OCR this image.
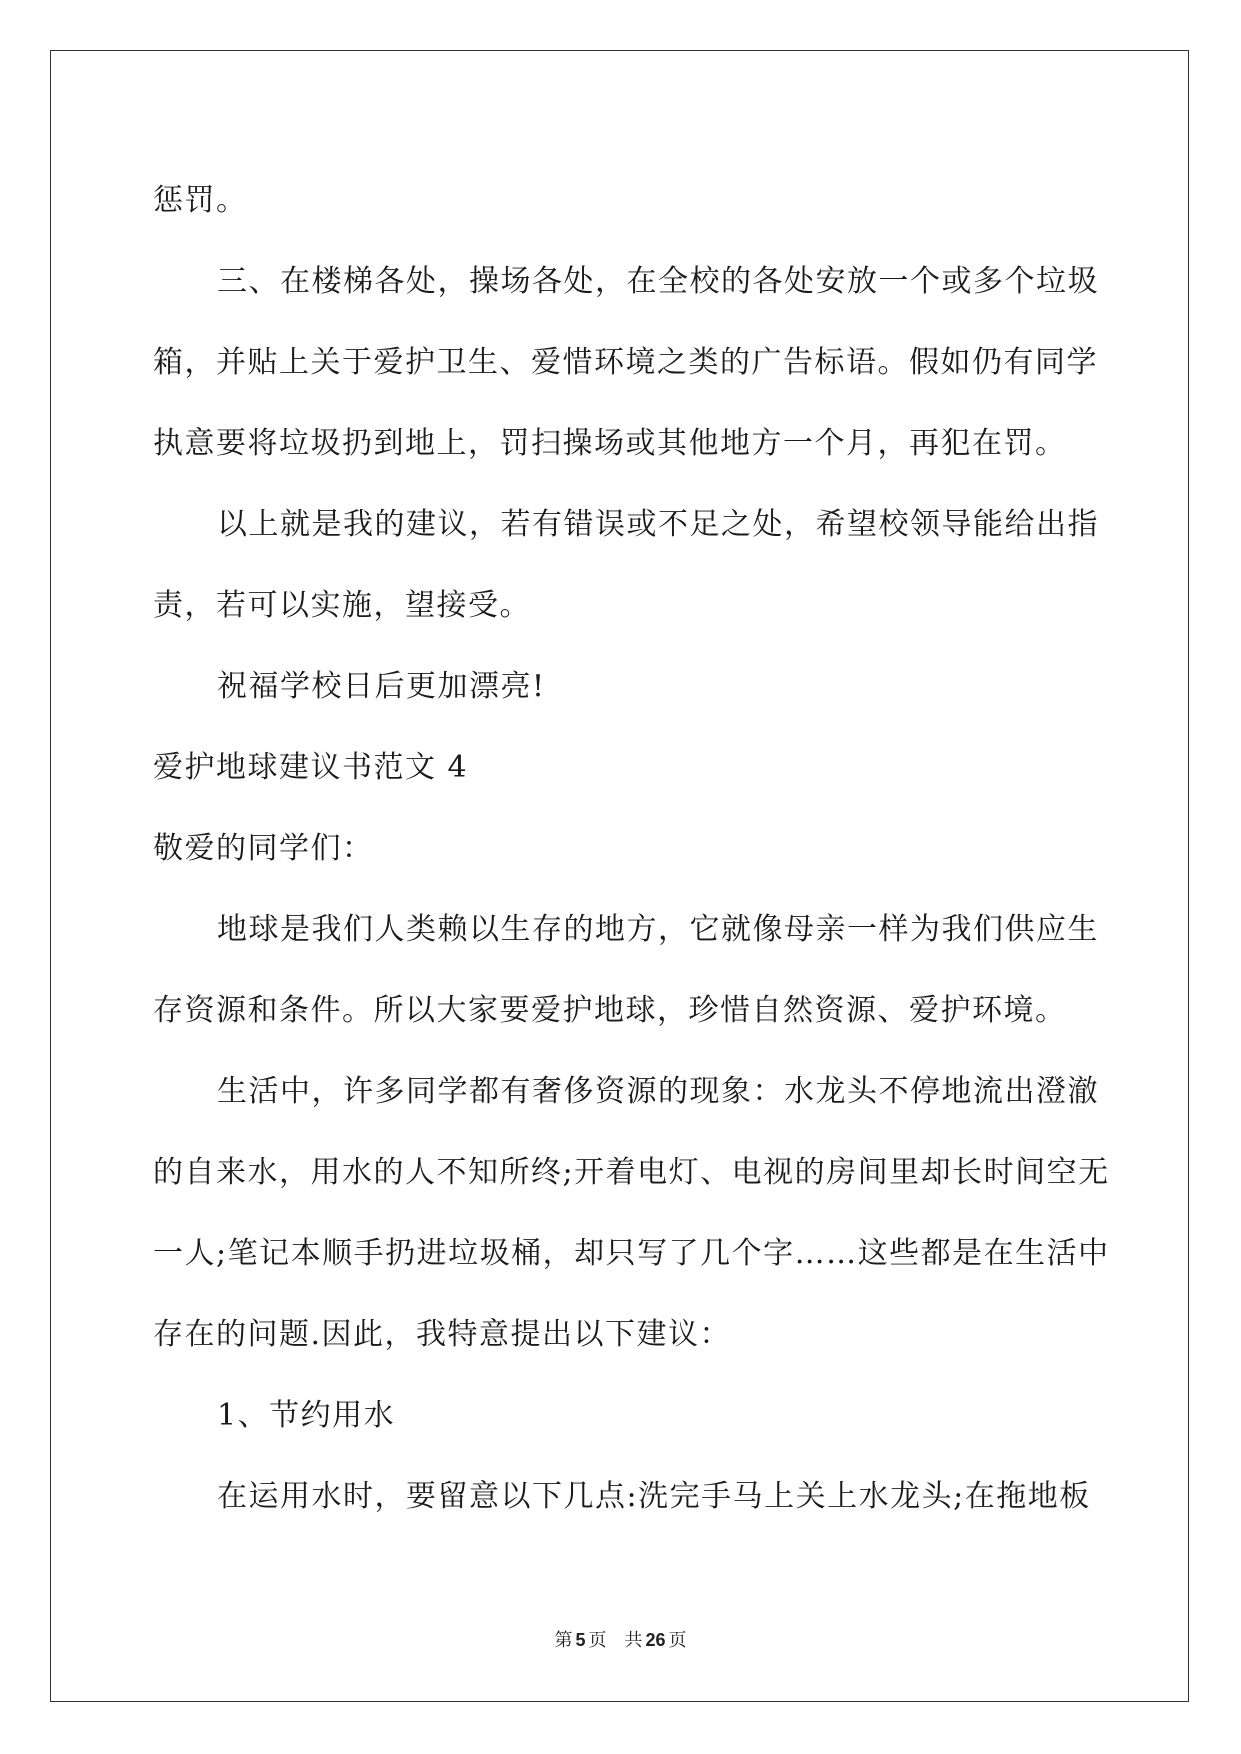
惩罚。
三、在楼梯各处，操场各处，在全校的各处安放一个或多个垃圾
箱，并贴上关于爱护卫生、爱惜环境之类的广告标语。假如仍有同学
执意要将垃圾扔到地上，罚扫操场或其他地方一个月，再犯在罚。
以上就是我的建议，若有错误或不足之处，希望校领导能给出指
责，若可以实施，望接受。
祝福学校日后更加漂亮!
爱护地球建议书范文 4
敬爱的同学们：
地球是我们人类赖以生存的地方，它就像母亲一样为我们供应生
存资源和条件。所以大家要爱护地球，珍惜自然资源、爱护环境。
生活中，许多同学都有奢侈资源的现象：水龙头不停地流出澄澈
的自来水，用水的人不知所终;开着电灯、电视的房间里却长时间空无
一人;笔记本顺手扔进垃圾桶，却只写了几个字……这些都是在生活中
存在的问题.因此，我特意提出以下建议：
1、节约用水
在运用水时，要留意以下几点:洗完手马上关上水龙头;在拖地板
第 5 页 共 26 页
